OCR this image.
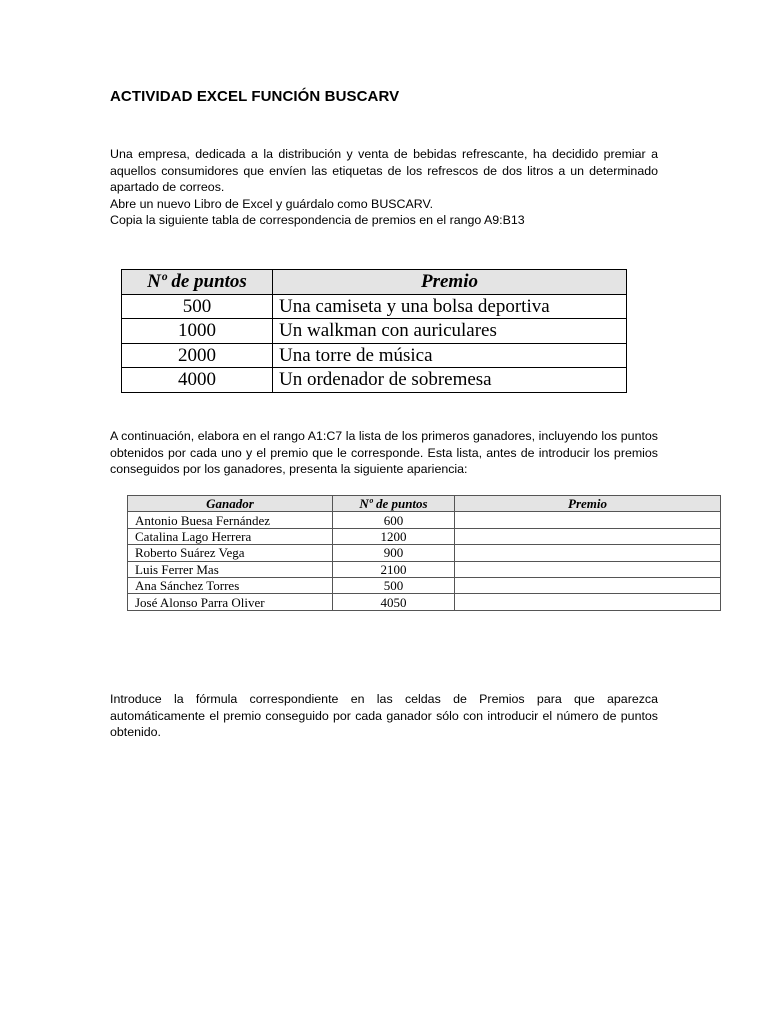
ACTIVIDAD EXCEL FUNCIÓN BUSCARV

Una empresa, dedicada a la distribución y venta de bebidas refrescante, ha decidido premiar a aquellos consumidores que envíen las etiquetas de los refrescos de dos litros a un determinado apartado de correos.

Abre un nuevo Libro de Excel y guárdalo como BUSCARV.

Copia la siguiente tabla de correspondencia de premios en el rango A9:B13

Nº de puntos	Premio
500	Una camiseta y una bolsa deportiva
1000	Un walkman con auriculares
2000	Una torre de música
4000	Un ordenador de sobremesa

A continuación, elabora en el rango A1:C7 la lista de los primeros ganadores, incluyendo los puntos obtenidos por cada uno y el premio que le corresponde. Esta lista, antes de introducir los premios conseguidos por los ganadores, presenta la siguiente apariencia:

Ganador	Nº de puntos	Premio
Antonio Buesa Fernández	600	
Catalina Lago Herrera	1200	
Roberto Suárez Vega	900	
Luis Ferrer Mas	2100	
Ana Sánchez Torres	500	
José Alonso Parra Oliver	4050	

Introduce la fórmula correspondiente en las celdas de Premios para que aparezca automáticamente el premio conseguido por cada ganador sólo con introducir el número de puntos obtenido.
